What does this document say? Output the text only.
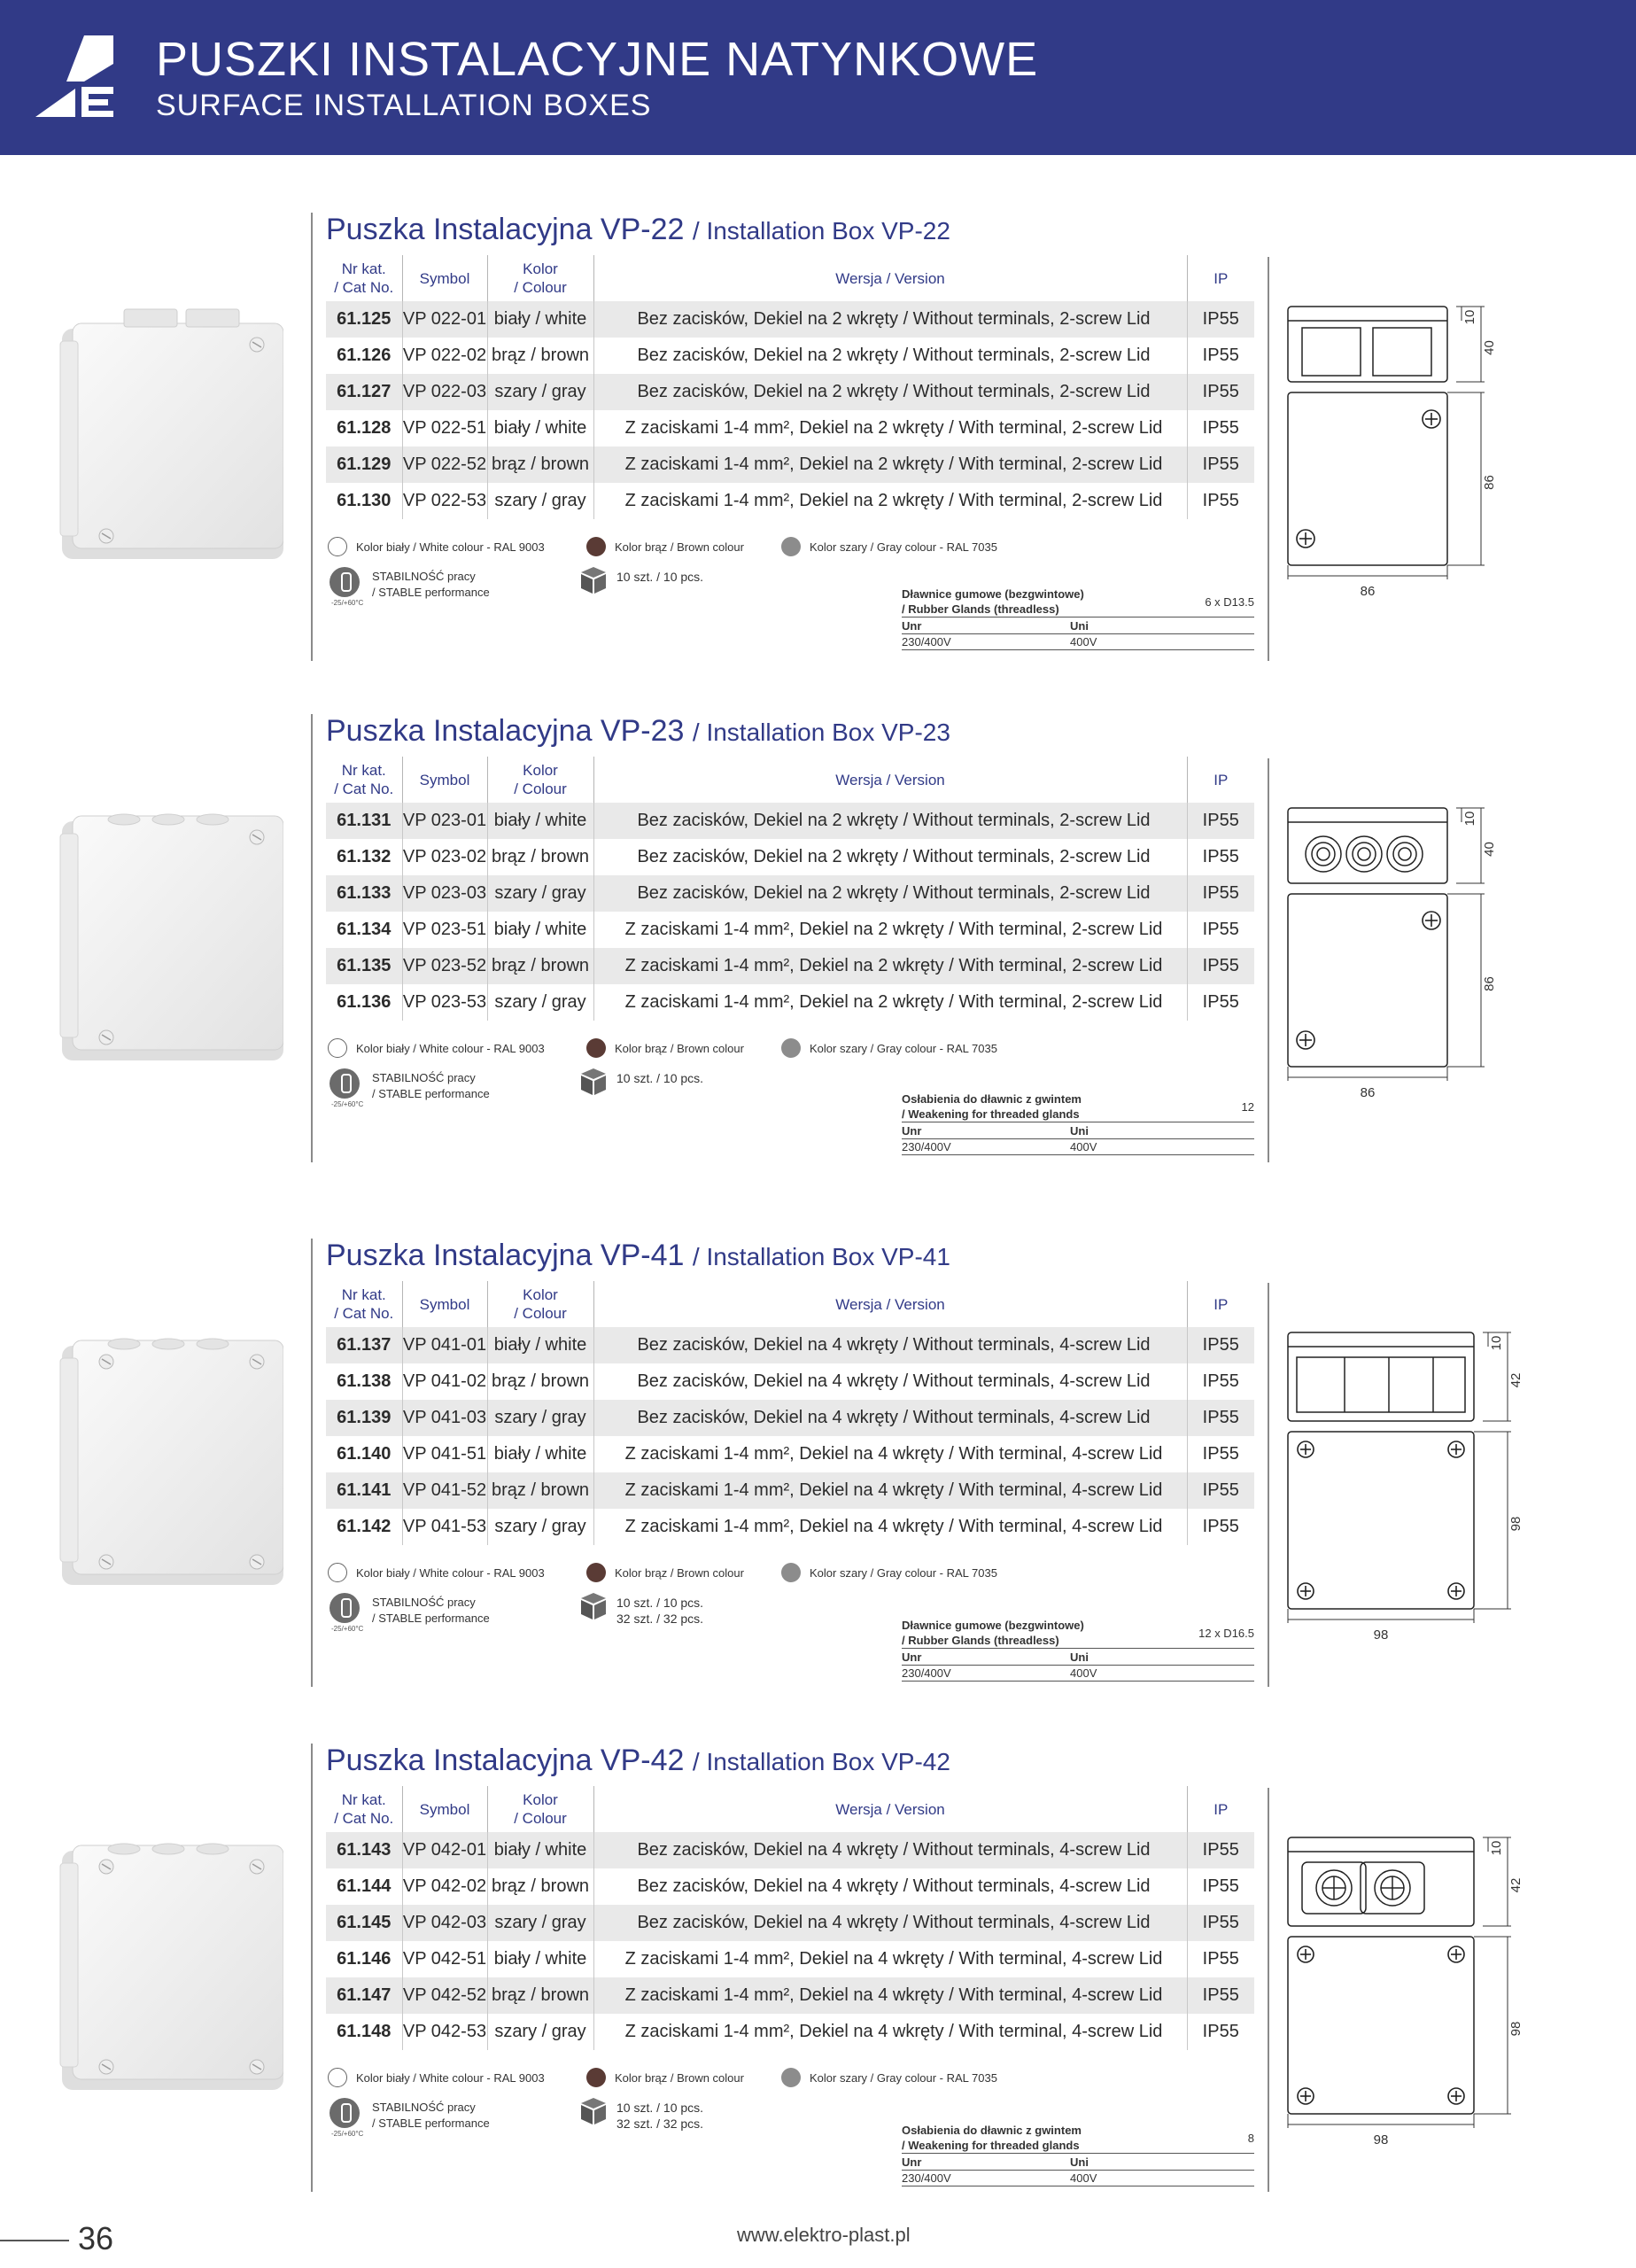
PUSZKI INSTALACYJNE NATYNKOWE
SURFACE INSTALLATION BOXES
Puszka Instalacyjna VP-22 / Installation Box VP-22
Nr kat.
/ Cat No.	Symbol	Kolor
/ Colour	Wersja / Version	IP
61.125	VP 022-01	biały / white	Bez zacisków, Dekiel na 2 wkręty / Without terminals, 2-screw Lid	IP55
61.126	VP 022-02	brąz / brown	Bez zacisków, Dekiel na 2 wkręty / Without terminals, 2-screw Lid	IP55
61.127	VP 022-03	szary / gray	Bez zacisków, Dekiel na 2 wkręty / Without terminals, 2-screw Lid	IP55
61.128	VP 022-51	biały / white	Z zaciskami 1-4 mm², Dekiel na 2 wkręty / With terminal, 2-screw Lid	IP55
61.129	VP 022-52	brąz / brown	Z zaciskami 1-4 mm², Dekiel na 2 wkręty / With terminal, 2-screw Lid	IP55
61.130	VP 022-53	szary / gray	Z zaciskami 1-4 mm², Dekiel na 2 wkręty / With terminal, 2-screw Lid	IP55
Kolor biały / White colour - RAL 9003	Kolor brąz / Brown colour	Kolor szary / Gray colour - RAL 7035
-25/+60°C
STABILNOŚĆ pracy
/ STABLE performance
10 szt. / 10 pcs.

Dławnice gumowe (bezgwintowe)
/ Rubber Glands (threadless)
6 x D13.5
Unr	Uni
230/400V	400V
10
40
86
86
Puszka Instalacyjna VP-23 / Installation Box VP-23
Nr kat.
/ Cat No.	Symbol	Kolor
/ Colour	Wersja / Version	IP
61.131	VP 023-01	biały / white	Bez zacisków, Dekiel na 2 wkręty / Without terminals, 2-screw Lid	IP55
61.132	VP 023-02	brąz / brown	Bez zacisków, Dekiel na 2 wkręty / Without terminals, 2-screw Lid	IP55
61.133	VP 023-03	szary / gray	Bez zacisków, Dekiel na 2 wkręty / Without terminals, 2-screw Lid	IP55
61.134	VP 023-51	biały / white	Z zaciskami 1-4 mm², Dekiel na 2 wkręty / With terminal, 2-screw Lid	IP55
61.135	VP 023-52	brąz / brown	Z zaciskami 1-4 mm², Dekiel na 2 wkręty / With terminal, 2-screw Lid	IP55
61.136	VP 023-53	szary / gray	Z zaciskami 1-4 mm², Dekiel na 2 wkręty / With terminal, 2-screw Lid	IP55
Kolor biały / White colour - RAL 9003	Kolor brąz / Brown colour	Kolor szary / Gray colour - RAL 7035
-25/+60°C
STABILNOŚĆ pracy
/ STABLE performance
10 szt. / 10 pcs.

Osłabienia do dławnic z gwintem
/ Weakening for threaded glands
12
Unr	Uni
230/400V	400V
10
40
86
86
Puszka Instalacyjna VP-41 / Installation Box VP-41
Nr kat.
/ Cat No.	Symbol	Kolor
/ Colour	Wersja / Version	IP
61.137	VP 041-01	biały / white	Bez zacisków, Dekiel na 4 wkręty / Without terminals, 4-screw Lid	IP55
61.138	VP 041-02	brąz / brown	Bez zacisków, Dekiel na 4 wkręty / Without terminals, 4-screw Lid	IP55
61.139	VP 041-03	szary / gray	Bez zacisków, Dekiel na 4 wkręty / Without terminals, 4-screw Lid	IP55
61.140	VP 041-51	biały / white	Z zaciskami 1-4 mm², Dekiel na 4 wkręty / With terminal, 4-screw Lid	IP55
61.141	VP 041-52	brąz / brown	Z zaciskami 1-4 mm², Dekiel na 4 wkręty / With terminal, 4-screw Lid	IP55
61.142	VP 041-53	szary / gray	Z zaciskami 1-4 mm², Dekiel na 4 wkręty / With terminal, 4-screw Lid	IP55
Kolor biały / White colour - RAL 9003	Kolor brąz / Brown colour	Kolor szary / Gray colour - RAL 7035
-25/+60°C
STABILNOŚĆ pracy
/ STABLE performance
10 szt. / 10 pcs.
32 szt. / 32 pcs.	Dławnice gumowe (bezgwintowe)
/ Rubber Glands (threadless)
12 x D16.5
Unr	Uni
230/400V	400V
10
42
98
98
Puszka Instalacyjna VP-42 / Installation Box VP-42
Nr kat.
/ Cat No.	Symbol	Kolor
/ Colour	Wersja / Version	IP
61.143	VP 042-01	biały / white	Bez zacisków, Dekiel na 4 wkręty / Without terminals, 4-screw Lid	IP55
61.144	VP 042-02	brąz / brown	Bez zacisków, Dekiel na 4 wkręty / Without terminals, 4-screw Lid	IP55
61.145	VP 042-03	szary / gray	Bez zacisków, Dekiel na 4 wkręty / Without terminals, 4-screw Lid	IP55
61.146	VP 042-51	biały / white	Z zaciskami 1-4 mm², Dekiel na 4 wkręty / With terminal, 4-screw Lid	IP55
61.147	VP 042-52	brąz / brown	Z zaciskami 1-4 mm², Dekiel na 4 wkręty / With terminal, 4-screw Lid	IP55
61.148	VP 042-53	szary / gray	Z zaciskami 1-4 mm², Dekiel na 4 wkręty / With terminal, 4-screw Lid	IP55
Kolor biały / White colour - RAL 9003	Kolor brąz / Brown colour	Kolor szary / Gray colour - RAL 7035
-25/+60°C
STABILNOŚĆ pracy
/ STABLE performance
10 szt. / 10 pcs.
32 szt. / 32 pcs.	Osłabienia do dławnic z gwintem
/ Weakening for threaded glands
8
Unr	Uni
230/400V	400V
10
42
98
98
36	www.elektro-plast.pl
